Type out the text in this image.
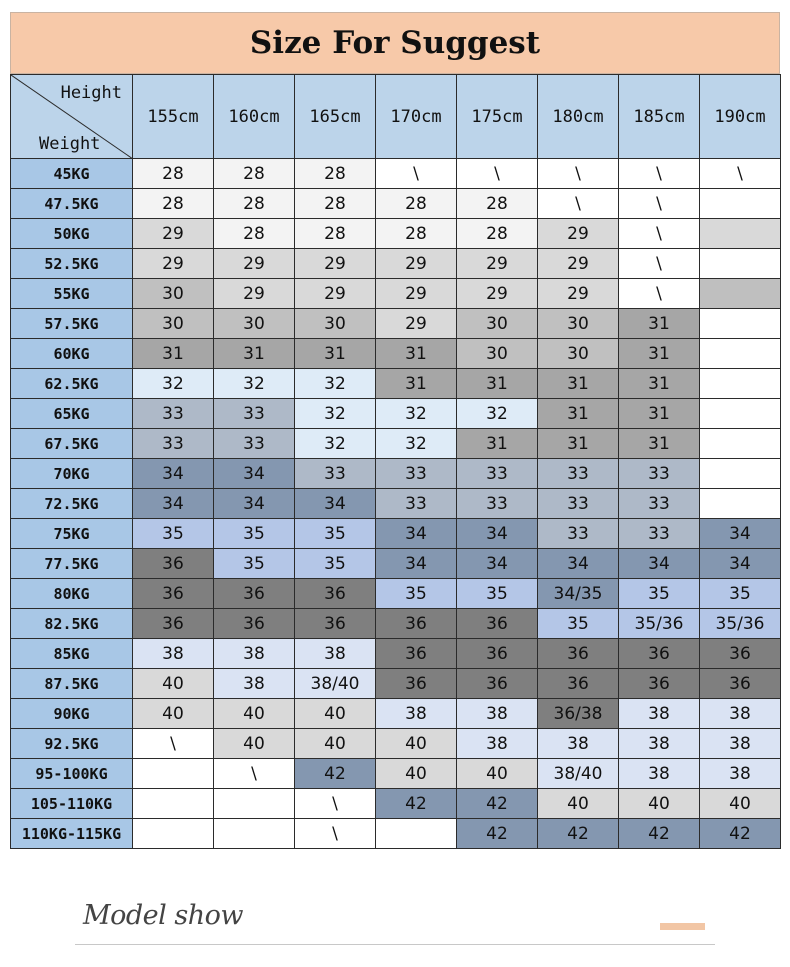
Size For Suggest
Height
Weight	155cm	160cm	165cm	170cm	175cm	180cm	185cm	190cm
45KG	28	28	28	\	\	\	\	\
47.5KG	28	28	28	28	28	\	\	
50KG	29	28	28	28	28	29	\	
52.5KG	29	29	29	29	29	29	\	
55KG	30	29	29	29	29	29	\	
57.5KG	30	30	30	29	30	30	31	
60KG	31	31	31	31	30	30	31	
62.5KG	32	32	32	31	31	31	31	
65KG	33	33	32	32	32	31	31	
67.5KG	33	33	32	32	31	31	31	
70KG	34	34	33	33	33	33	33	
72.5KG	34	34	34	33	33	33	33	
75KG	35	35	35	34	34	33	33	34
77.5KG	36	35	35	34	34	34	34	34
80KG	36	36	36	35	35	34/35	35	35
82.5KG	36	36	36	36	36	35	35/36	35/36
85KG	38	38	38	36	36	36	36	36
87.5KG	40	38	38/40	36	36	36	36	36
90KG	40	40	40	38	38	36/38	38	38
92.5KG	\	40	40	40	38	38	38	38
95-100KG		\	42	40	40	38/40	38	38
105-110KG			\	42	42	40	40	40
110KG-115KG			\		42	42	42	42
Model show
